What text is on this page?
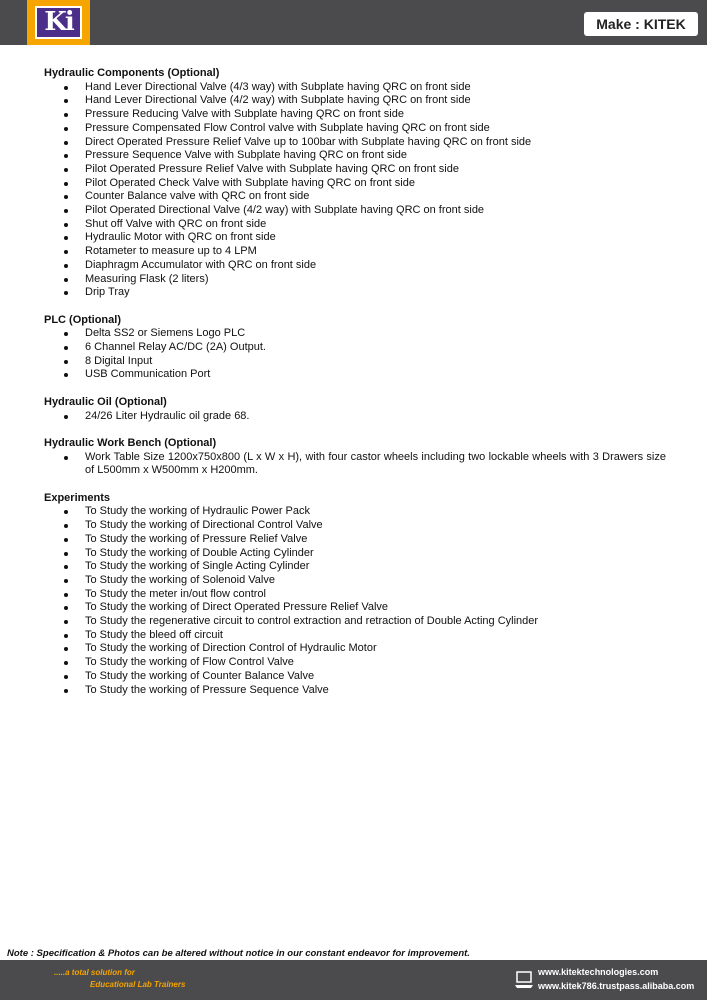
Ki	Make : KITEK
Hydraulic Components (Optional)
Hand Lever Directional Valve (4/3 way) with Subplate having QRC on front side
Hand Lever Directional Valve (4/2 way) with Subplate having QRC on front side
Pressure Reducing Valve with Subplate having QRC on front side
Pressure Compensated Flow Control valve with Subplate having QRC on front side
Direct Operated Pressure Relief Valve up to 100bar with Subplate having QRC on front side
Pressure Sequence Valve with Subplate having QRC on front side
Pilot Operated Pressure Relief Valve with Subplate having QRC on front side
Pilot Operated Check Valve with Subplate having QRC on front side
Counter Balance valve with QRC on front side
Pilot Operated Directional Valve (4/2 way) with Subplate having QRC on front side
Shut off Valve with QRC on front side
Hydraulic Motor with QRC on front side
Rotameter to measure up to 4 LPM
Diaphragm Accumulator with QRC on front side
Measuring Flask (2 liters)
Drip Tray
PLC (Optional)
Delta SS2 or Siemens Logo PLC
6 Channel Relay AC/DC (2A) Output.
8 Digital Input
USB Communication Port
Hydraulic Oil (Optional)
24/26 Liter Hydraulic oil grade 68.
Hydraulic Work Bench (Optional)
Work Table Size 1200x750x800 (L x W x H), with four castor wheels including two lockable wheels with 3 Drawers size of L500mm x W500mm x H200mm.
Experiments
To Study the working of Hydraulic Power Pack
To Study the working of Directional Control Valve
To Study the working of Pressure Relief Valve
To Study the working of Double Acting Cylinder
To Study the working of Single Acting Cylinder
To Study the working of Solenoid Valve
To Study the meter in/out flow control
To Study the working of Direct Operated Pressure Relief Valve
To Study the regenerative circuit to control extraction and retraction of Double Acting Cylinder
To Study the bleed off circuit
To Study the working of Direction Control of Hydraulic Motor
To Study the working of Flow Control Valve
To Study the working of Counter Balance Valve
To Study the working of Pressure Sequence Valve
Note : Specification & Photos can be altered without notice in our constant endeavor for improvement.
.....a total solution for
Educational Lab Trainers
www.kitektechnologies.com
www.kitek786.trustpass.alibaba.com
